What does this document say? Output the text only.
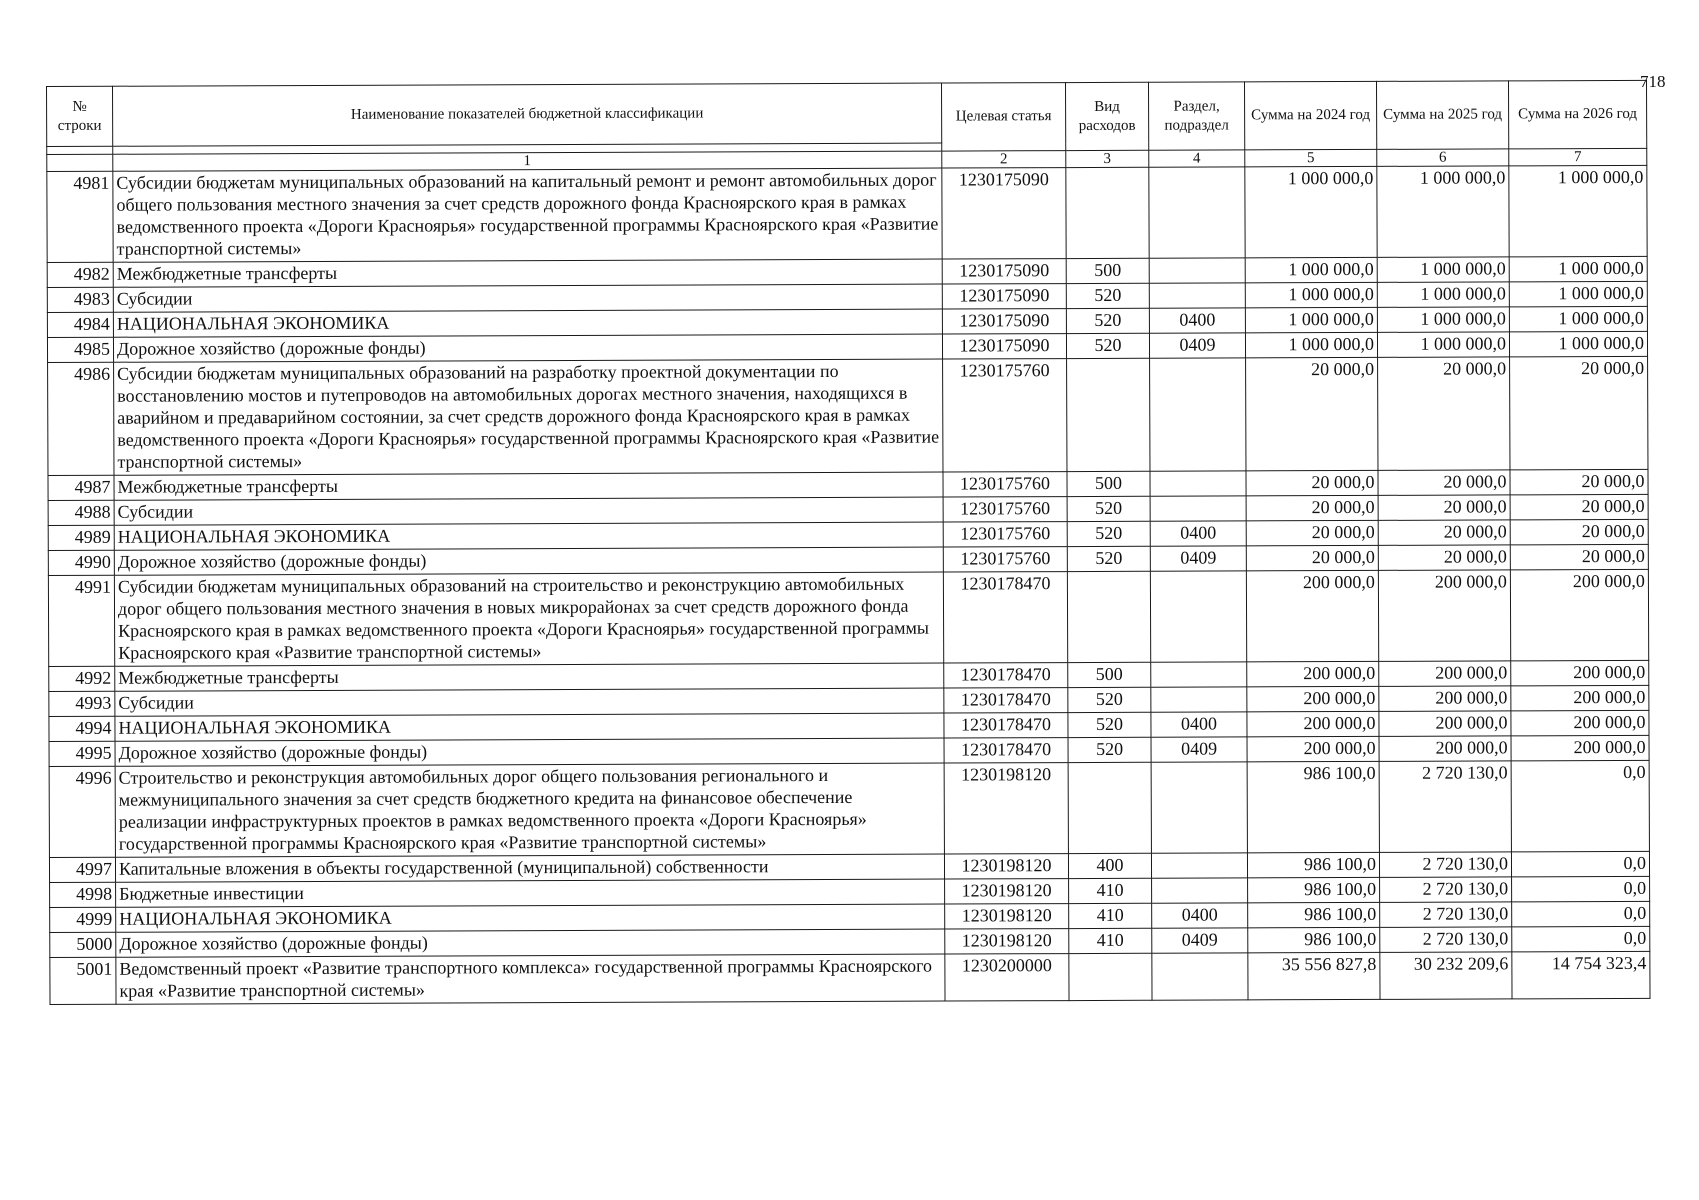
718
№ строки	Наименование показателей бюджетной классификации	Целевая статья	Вид расходов	Раздел, подраздел	Сумма на 2024 год	Сумма на 2025 год	Сумма на 2026 год

	1	2	3	4	5	6	7
4981	Субсидии бюджетам муниципальных образований на капитальный ремонт и ремонт автомобильных дорог общего пользования местного значения за счет средств дорожного фонда Красноярского края в рамках ведомственного проекта «Дороги Красноярья» государственной программы Красноярского края «Развитие транспортной системы»	1230175090			1 000 000,0	1 000 000,0	1 000 000,0
4982	Межбюджетные трансферты	1230175090	500		1 000 000,0	1 000 000,0	1 000 000,0
4983	Субсидии	1230175090	520		1 000 000,0	1 000 000,0	1 000 000,0
4984	НАЦИОНАЛЬНАЯ ЭКОНОМИКА	1230175090	520	0400	1 000 000,0	1 000 000,0	1 000 000,0
4985	Дорожное хозяйство (дорожные фонды)	1230175090	520	0409	1 000 000,0	1 000 000,0	1 000 000,0
4986	Субсидии бюджетам муниципальных образований на разработку проектной документации по восстановлению мостов и путепроводов на автомобильных дорогах местного значения, находящихся в аварийном и предаварийном состоянии, за счет средств дорожного фонда Красноярского края в рамках ведомственного проекта «Дороги Красноярья» государственной программы Красноярского края «Развитие транспортной системы»	1230175760			20 000,0	20 000,0	20 000,0
4987	Межбюджетные трансферты	1230175760	500		20 000,0	20 000,0	20 000,0
4988	Субсидии	1230175760	520		20 000,0	20 000,0	20 000,0
4989	НАЦИОНАЛЬНАЯ ЭКОНОМИКА	1230175760	520	0400	20 000,0	20 000,0	20 000,0
4990	Дорожное хозяйство (дорожные фонды)	1230175760	520	0409	20 000,0	20 000,0	20 000,0
4991	Субсидии бюджетам муниципальных образований на строительство и реконструкцию автомобильных дорог общего пользования местного значения в новых микрорайонах за счет средств дорожного фонда Красноярского края в рамках ведомственного проекта «Дороги Красноярья» государственной программы Красноярского края «Развитие транспортной системы»	1230178470			200 000,0	200 000,0	200 000,0
4992	Межбюджетные трансферты	1230178470	500		200 000,0	200 000,0	200 000,0
4993	Субсидии	1230178470	520		200 000,0	200 000,0	200 000,0
4994	НАЦИОНАЛЬНАЯ ЭКОНОМИКА	1230178470	520	0400	200 000,0	200 000,0	200 000,0
4995	Дорожное хозяйство (дорожные фонды)	1230178470	520	0409	200 000,0	200 000,0	200 000,0
4996	Строительство и реконструкция автомобильных дорог общего пользования регионального и межмуниципального значения за счет средств бюджетного кредита на финансовое обеспечение реализации инфраструктурных проектов в рамках ведомственного проекта «Дороги Красноярья» государственной программы Красноярского края «Развитие транспортной системы»	1230198120			986 100,0	2 720 130,0	0,0
4997	Капитальные вложения в объекты государственной (муниципальной) собственности	1230198120	400		986 100,0	2 720 130,0	0,0
4998	Бюджетные инвестиции	1230198120	410		986 100,0	2 720 130,0	0,0
4999	НАЦИОНАЛЬНАЯ ЭКОНОМИКА	1230198120	410	0400	986 100,0	2 720 130,0	0,0
5000	Дорожное хозяйство (дорожные фонды)	1230198120	410	0409	986 100,0	2 720 130,0	0,0
5001	Ведомственный проект «Развитие транспортного комплекса» государственной программы Красноярского края «Развитие транспортной системы»	1230200000			35 556 827,8	30 232 209,6	14 754 323,4
